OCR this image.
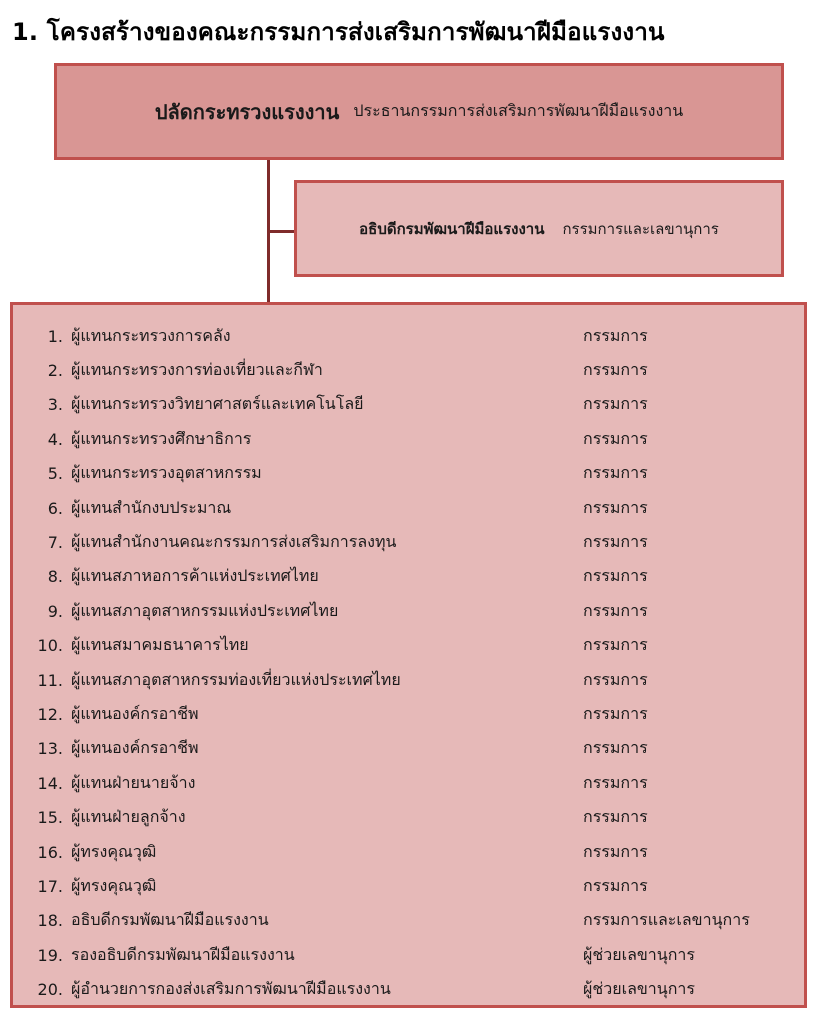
1. โครงสร้างของคณะกรรมการส่งเสริมการพัฒนาฝีมือแรงงาน
ปลัดกระทรวงแรงงาน ประธานกรรมการส่งเสริมการพัฒนาฝีมือแรงงาน
อธิบดีกรมพัฒนาฝีมือแรงงาน กรรมการและเลขานุการ
1. ผู้แทนกระทรวงการคลัง	กรรมการ
2. ผู้แทนกระทรวงการท่องเที่ยวและกีฬา	กรรมการ
3. ผู้แทนกระทรวงวิทยาศาสตร์และเทคโนโลยี	กรรมการ
4. ผู้แทนกระทรวงศึกษาธิการ	กรรมการ
5. ผู้แทนกระทรวงอุตสาหกรรม	กรรมการ
6. ผู้แทนสำนักงบประมาณ	กรรมการ
7. ผู้แทนสำนักงานคณะกรรมการส่งเสริมการลงทุน	กรรมการ
8. ผู้แทนสภาหอการค้าแห่งประเทศไทย	กรรมการ
9. ผู้แทนสภาอุตสาหกรรมแห่งประเทศไทย	กรรมการ
10. ผู้แทนสมาคมธนาคารไทย	กรรมการ
11. ผู้แทนสภาอุตสาหกรรมท่องเที่ยวแห่งประเทศไทย	กรรมการ
12. ผู้แทนองค์กรอาชีพ	กรรมการ
13. ผู้แทนองค์กรอาชีพ	กรรมการ
14. ผู้แทนฝ่ายนายจ้าง	กรรมการ
15. ผู้แทนฝ่ายลูกจ้าง	กรรมการ
16. ผู้ทรงคุณวุฒิ	กรรมการ
17. ผู้ทรงคุณวุฒิ	กรรมการ
18. อธิบดีกรมพัฒนาฝีมือแรงงาน	กรรมการและเลขานุการ
19. รองอธิบดีกรมพัฒนาฝีมือแรงงาน	ผู้ช่วยเลขานุการ
20. ผู้อำนวยการกองส่งเสริมการพัฒนาฝีมือแรงงาน	ผู้ช่วยเลขานุการ
